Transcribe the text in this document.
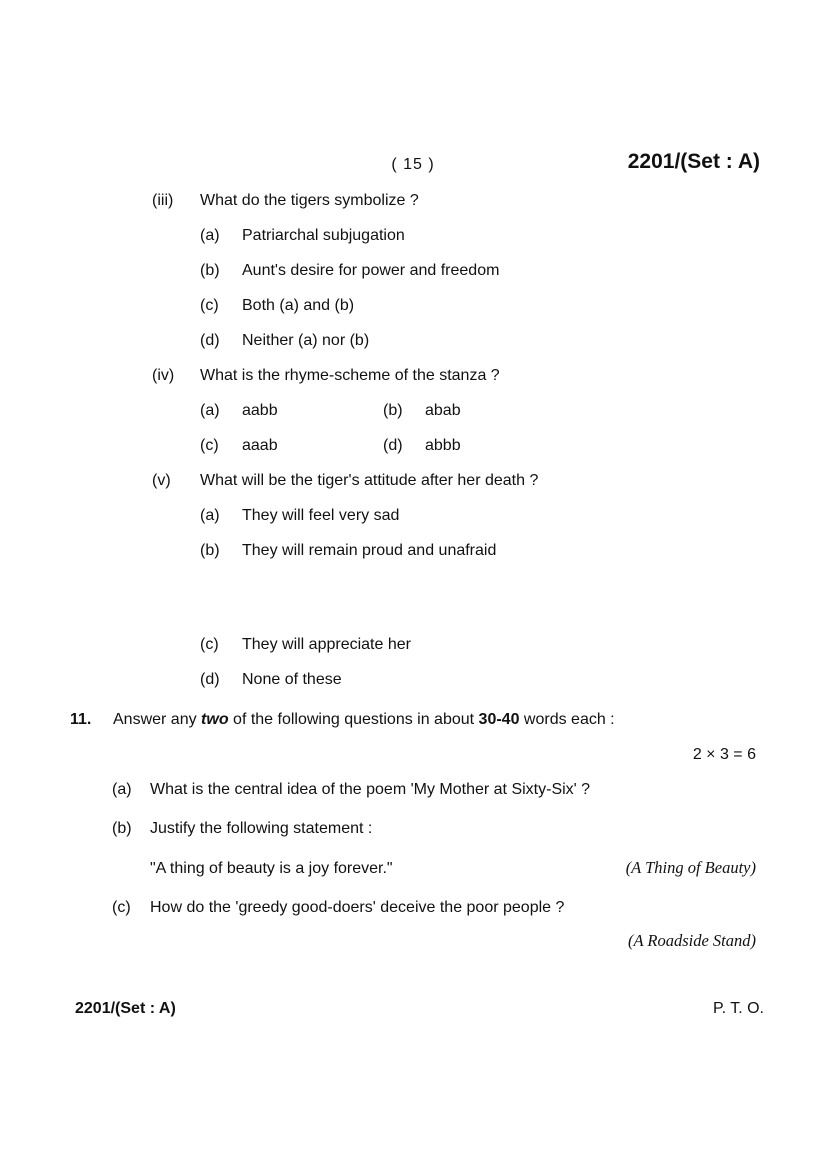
( 15 )	2201/(Set : A)
(iii)	What do the tigers symbolize ?
(a)	Patriarchal subjugation
(b)	Aunt's desire for power and freedom
(c)	Both (a) and (b)
(d)	Neither (a) nor (b)
(iv)	What is the rhyme-scheme of the stanza ?
(a)	aabb	(b)	abab
(c)	aaab	(d)	abbb
(v)	What will be the tiger's attitude after her death ?
(a)	They will feel very sad
(b)	They will remain proud and unafraid
(c)	They will appreciate her
(d)	None of these
11.	Answer any two of the following questions in about 30-40 words each :
2 × 3 = 6
(a)	What is the central idea of the poem 'My Mother at Sixty-Six' ?
(b)	Justify the following statement :
"A thing of beauty is a joy forever."	(A Thing of Beauty)
(c)	How do the 'greedy good-doers' deceive the poor people ?
(A Roadside Stand)
2201/(Set : A)	P. T. O.
